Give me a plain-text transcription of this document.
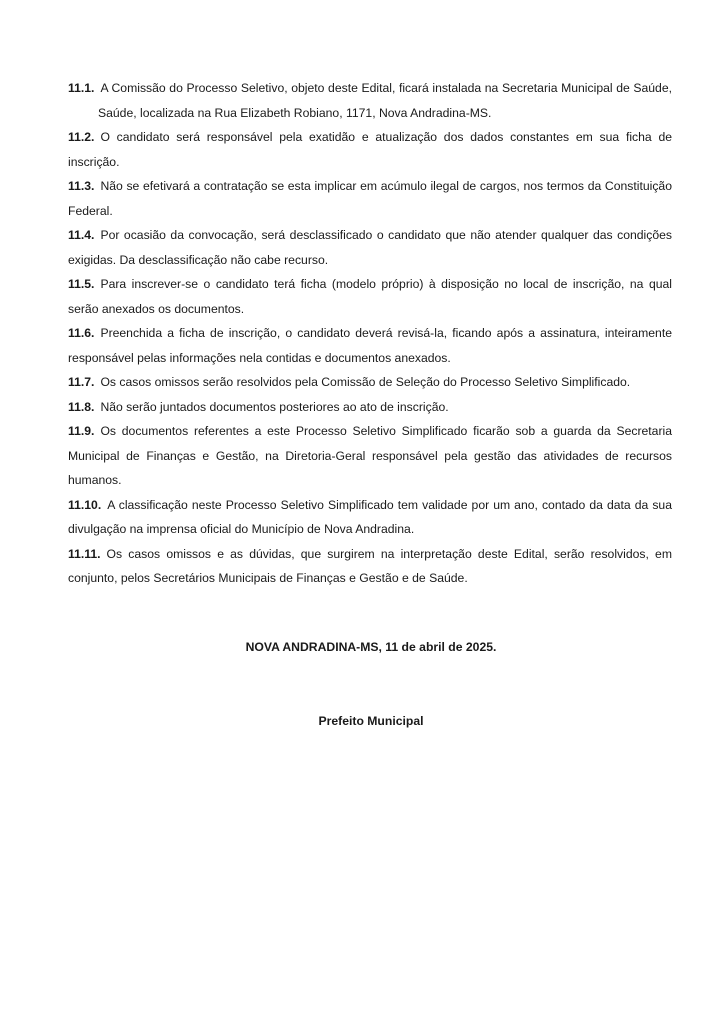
11.1. A Comissão do Processo Seletivo, objeto deste Edital, ficará instalada na Secretaria Municipal de Saúde, Saúde, localizada na Rua Elizabeth Robiano, 1171, Nova Andradina-MS.

11.2. O candidato será responsável pela exatidão e atualização dos dados constantes em sua ficha de inscrição.

11.3. Não se efetivará a contratação se esta implicar em acúmulo ilegal de cargos, nos termos da Constituição Federal.

11.4. Por ocasião da convocação, será desclassificado o candidato que não atender qualquer das condições exigidas. Da desclassificação não cabe recurso.

11.5. Para inscrever-se o candidato terá ficha (modelo próprio) à disposição no local de inscrição, na qual serão anexados os documentos.

11.6. Preenchida a ficha de inscrição, o candidato deverá revisá-la, ficando após a assinatura, inteiramente responsável pelas informações nela contidas e documentos anexados.

11.7. Os casos omissos serão resolvidos pela Comissão de Seleção do Processo Seletivo Simplificado.

11.8. Não serão juntados documentos posteriores ao ato de inscrição.

11.9. Os documentos referentes a este Processo Seletivo Simplificado ficarão sob a guarda da Secretaria Municipal de Finanças e Gestão, na Diretoria-Geral responsável pela gestão das atividades de recursos humanos.

11.10. A classificação neste Processo Seletivo Simplificado tem validade por um ano, contado da data da sua divulgação na imprensa oficial do Município de Nova Andradina.

11.11. Os casos omissos e as dúvidas, que surgirem na interpretação deste Edital, serão resolvidos, em conjunto, pelos Secretários Municipais de Finanças e Gestão e de Saúde.

NOVA ANDRADINA-MS, 11 de abril de 2025.
Prefeito Municipal
